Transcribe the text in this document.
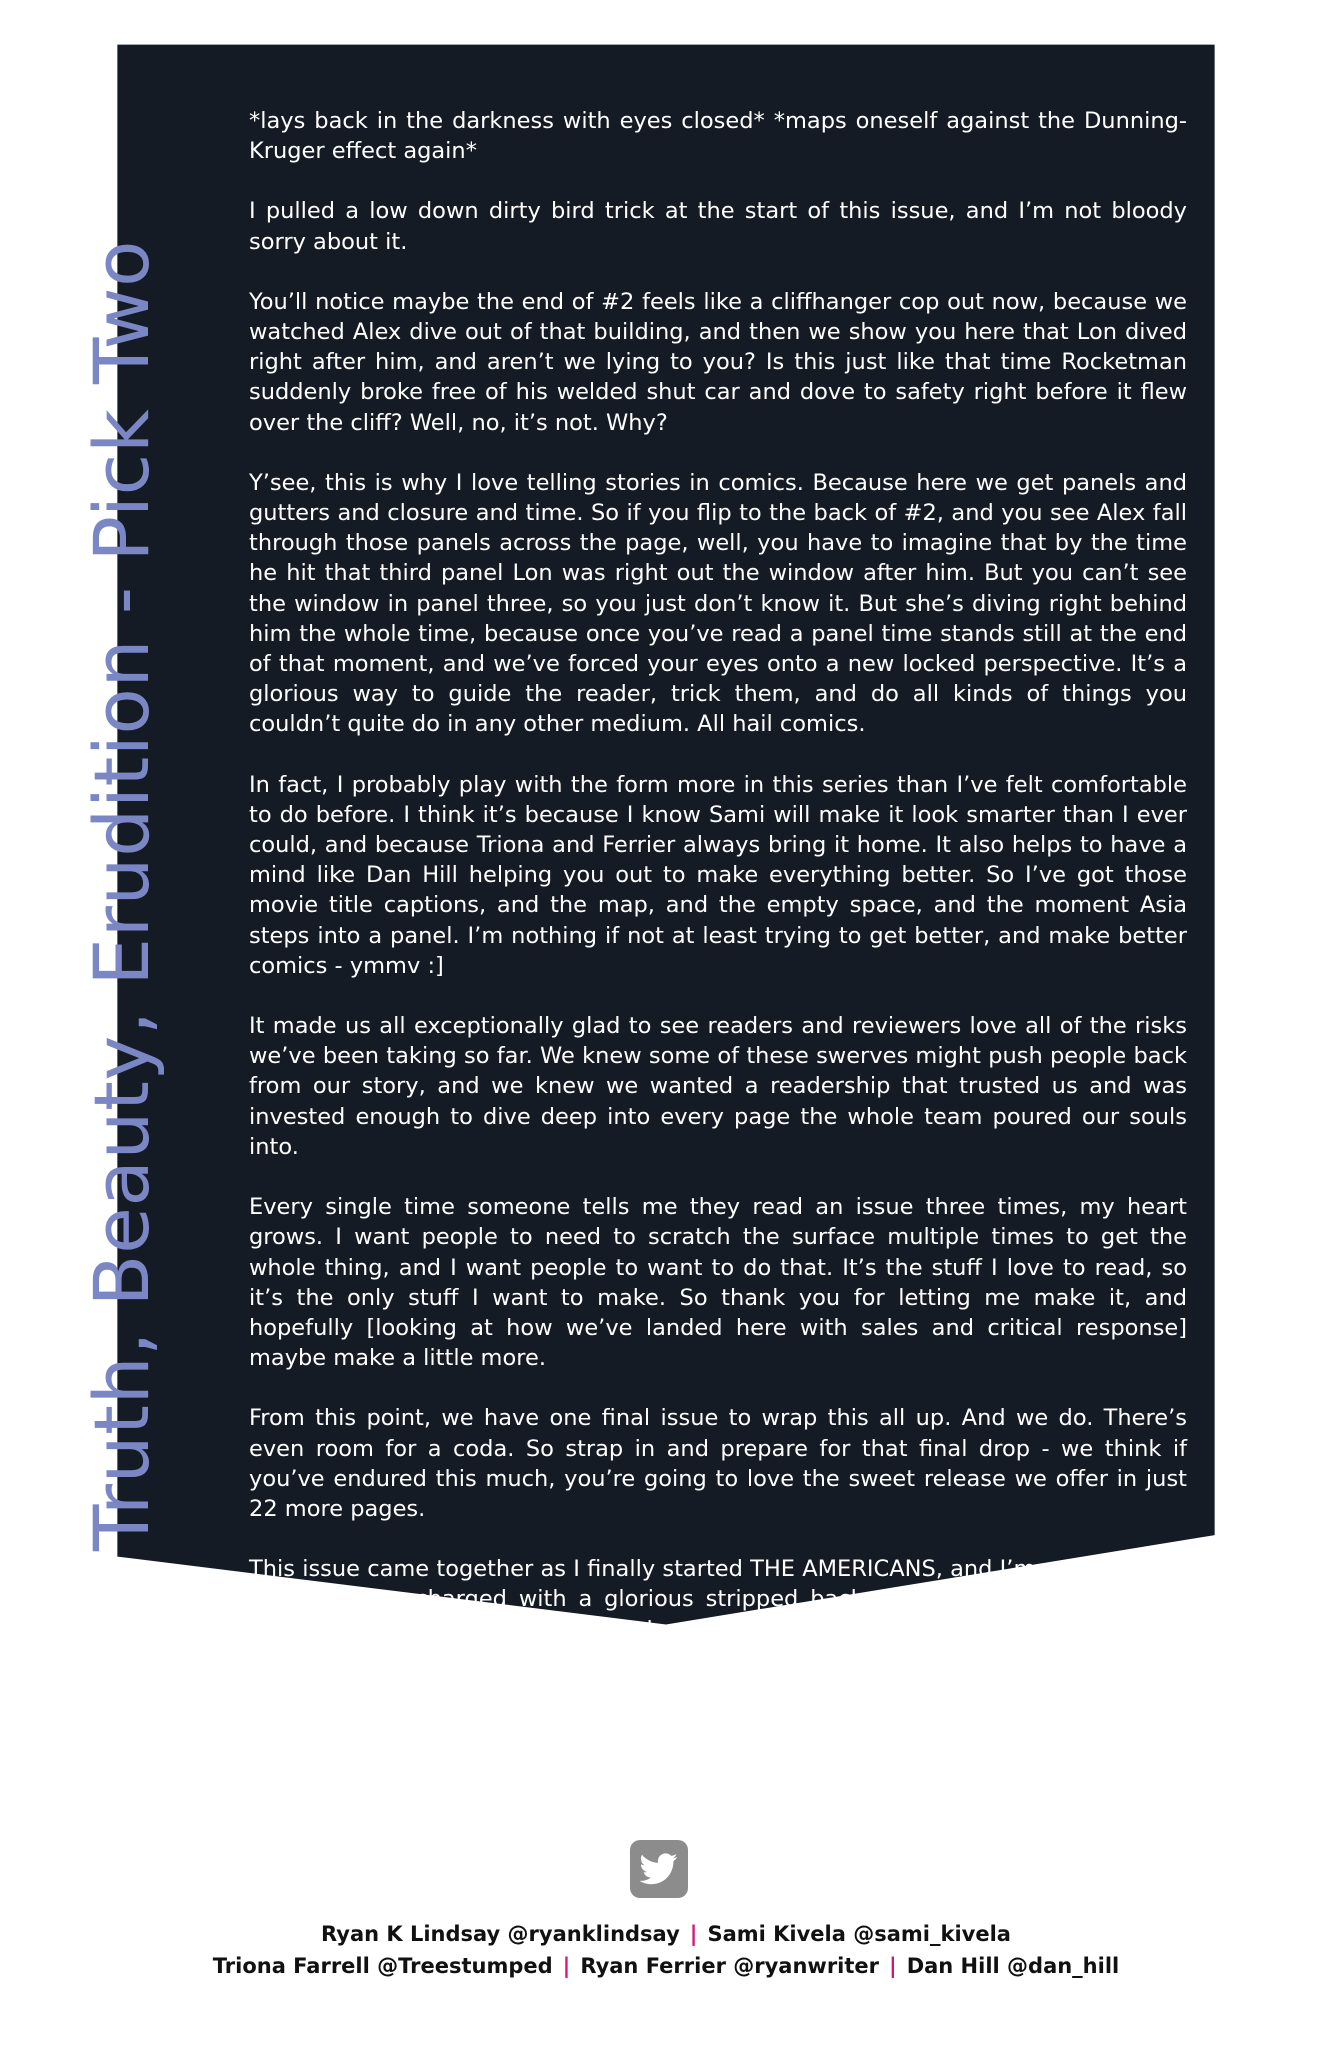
Truth, Beauty, Erudition - Pick Two

*lays back in the darkness with eyes closed* *maps oneself against the Dunning-Kruger effect again*

I pulled a low down dirty bird trick at the start of this issue, and I’m not bloody sorry about it.

You’ll notice maybe the end of #2 feels like a cliffhanger cop out now, because we watched Alex dive out of that building, and then we show you here that Lon dived right after him, and aren’t we lying to you? Is this just like that time Rocketman suddenly broke free of his welded shut car and dove to safety right before it flew over the cliff? Well, no, it’s not. Why?

Y’see, this is why I love telling stories in comics. Because here we get panels and gutters and closure and time. So if you flip to the back of #2, and you see Alex fall through those panels across the page, well, you have to imagine that by the time he hit that third panel Lon was right out the window after him. But you can’t see the window in panel three, so you just don’t know it. But she’s diving right behind him the whole time, because once you’ve read a panel time stands still at the end of that moment, and we’ve forced your eyes onto a new locked perspective. It’s a glorious way to guide the reader, trick them, and do all kinds of things you couldn’t quite do in any other medium. All hail comics.

In fact, I probably play with the form more in this series than I’ve felt comfortable to do before. I think it’s because I know Sami will make it look smarter than I ever could, and because Triona and Ferrier always bring it home. It also helps to have a mind like Dan Hill helping you out to make everything better. So I’ve got those movie title captions, and the map, and the empty space, and the moment Asia steps into a panel. I’m nothing if not at least trying to get better, and make better comics - ymmv :]

It made us all exceptionally glad to see readers and reviewers love all of the risks we’ve been taking so far. We knew some of these swerves might push people back from our story, and we knew we wanted a readership that trusted us and was invested enough to dive deep into every page the whole team poured our souls into.

Every single time someone tells me they read an issue three times, my heart grows. I want people to need to scratch the surface multiple times to get the whole thing, and I want people to want to do that. It’s the stuff I love to read, so it’s the only stuff I want to make. So thank you for letting me make it, and hopefully [looking at how we’ve landed here with sales and critical response] maybe make a little more.

From this point, we have one final issue to wrap this all up. And we do. There’s even room for a coda. So strap in and prepare for that final drop - we think if you’ve endured this much, you’re going to love the sweet release we offer in just 22 more pages.

This issue came together as I finally started THE AMERICANS, and I’m so glad I did, and while I recharged with a glorious stripped back night of music from Sarah Blasko, the closest my creative soul comes to finding religion.

Ryan K Lindsay
Starting to realise maybe this writing life doesn’t change, and maybe I don’t want it to.
Ryan K Lindsay @ryanklindsay | Sami Kivela @sami_kivela
Triona Farrell @Treestumped | Ryan Ferrier @ryanwriter | Dan Hill @dan_hill
